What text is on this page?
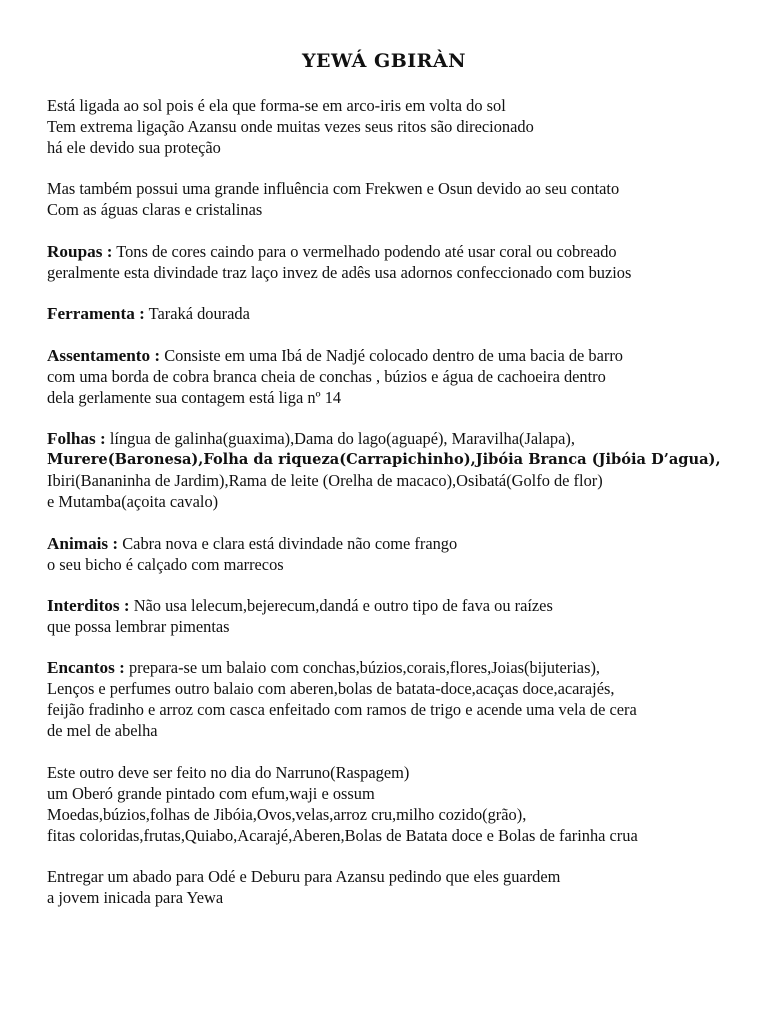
YEWÁ GBIRÀN
Está ligada ao sol pois é ela que forma-se em arco-iris em volta do sol
Tem extrema ligação Azansu onde muitas vezes seus ritos são direcionado
há ele devido sua proteção
Mas também possui uma grande influência com Frekwen e Osun devido ao seu contato
Com as águas claras e cristalinas
Roupas : Tons de cores caindo para o vermelhado podendo até usar coral ou cobreado
geralmente esta divindade traz laço invez de adês usa adornos confeccionado com buzios
Ferramenta : Taraká dourada
Assentamento : Consiste em uma Ibá de Nadjé colocado dentro de uma bacia de barro
com uma borda de cobra branca cheia de conchas , búzios e água de cachoeira dentro
dela gerlamente sua contagem está liga nº 14
Folhas : língua de galinha(guaxima),Dama do lago(aguapé), Maravilha(Jalapa),
Murere(Baronesa),Folha da riqueza(Carrapichinho),Jibóia Branca (Jibóia D’agua),
Ibiri(Bananinha de Jardim),Rama de leite (Orelha de macaco),Osibatá(Golfo de flor)
e Mutamba(açoita cavalo)
Animais : Cabra nova e clara está divindade não come frango
o seu bicho é calçado com marrecos
Interditos : Não usa lelecum,bejerecum,dandá e outro tipo de fava ou raízes
que possa lembrar pimentas
Encantos : prepara-se um balaio com conchas,búzios,corais,flores,Joias(bijuterias),
Lenços e perfumes outro balaio com aberen,bolas de batata-doce,acaças doce,acarajés,
feijão fradinho e arroz com casca enfeitado com ramos de trigo e acende uma vela de cera
de mel de abelha
Este outro deve ser feito no dia do Narruno(Raspagem)
um Oberó grande pintado com efum,waji e ossum
Moedas,búzios,folhas de Jibóia,Ovos,velas,arroz cru,milho cozido(grão),
fitas coloridas,frutas,Quiabo,Acarajé,Aberen,Bolas de Batata doce e Bolas de farinha crua
Entregar um abado para Odé e Deburu para Azansu pedindo que eles guardem
a jovem inicada para Yewa
